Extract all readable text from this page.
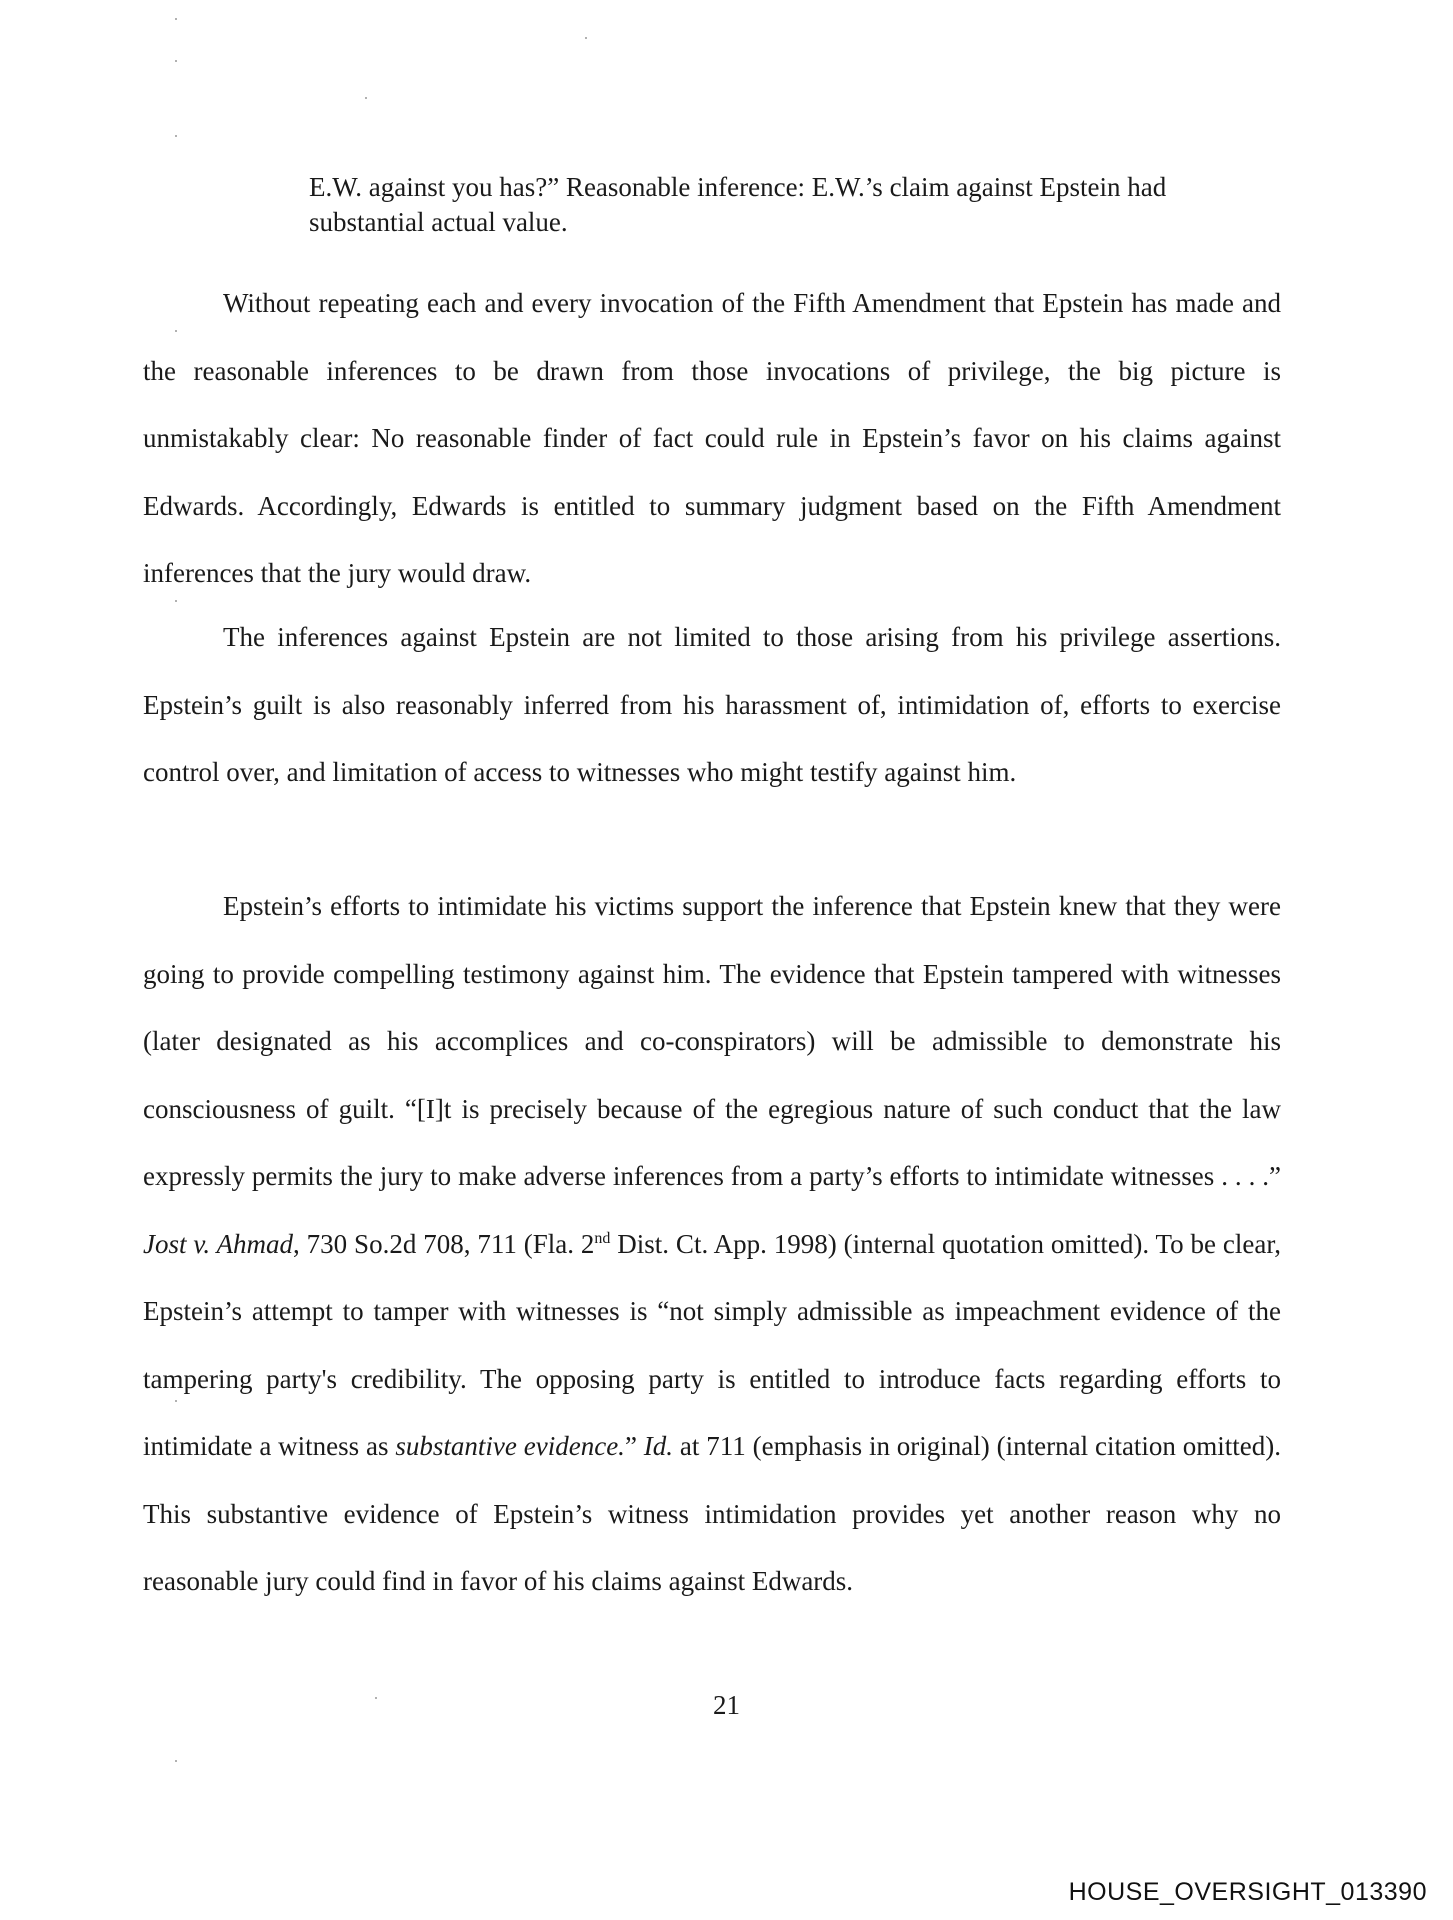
E.W. against you has?” Reasonable inference: E.W.’s claim against Epstein had substantial actual value.

Without repeating each and every invocation of the Fifth Amendment that Epstein has made and the reasonable inferences to be drawn from those invocations of privilege, the big picture is unmistakably clear: No reasonable finder of fact could rule in Epstein’s favor on his claims against Edwards. Accordingly, Edwards is entitled to summary judgment based on the Fifth Amendment inferences that the jury would draw.

The inferences against Epstein are not limited to those arising from his privilege assertions. Epstein’s guilt is also reasonably inferred from his harassment of, intimidation of, efforts to exercise control over, and limitation of access to witnesses who might testify against him.

Epstein’s efforts to intimidate his victims support the inference that Epstein knew that they were going to provide compelling testimony against him. The evidence that Epstein tampered with witnesses (later designated as his accomplices and co-conspirators) will be admissible to demonstrate his consciousness of guilt. “[I]t is precisely because of the egregious nature of such conduct that the law expressly permits the jury to make adverse inferences from a party’s efforts to intimidate witnesses . . . .” Jost v. Ahmad, 730 So.2d 708, 711 (Fla. 2nd Dist. Ct. App. 1998) (internal quotation omitted). To be clear, Epstein’s attempt to tamper with witnesses is “not simply admissible as impeachment evidence of the tampering party's credibility. The opposing party is entitled to introduce facts regarding efforts to intimidate a witness as substantive evidence.” Id. at 711 (emphasis in original) (internal citation omitted). This substantive evidence of Epstein’s witness intimidation provides yet another reason why no reasonable jury could find in favor of his claims against Edwards.

21
HOUSE_OVERSIGHT_013390
